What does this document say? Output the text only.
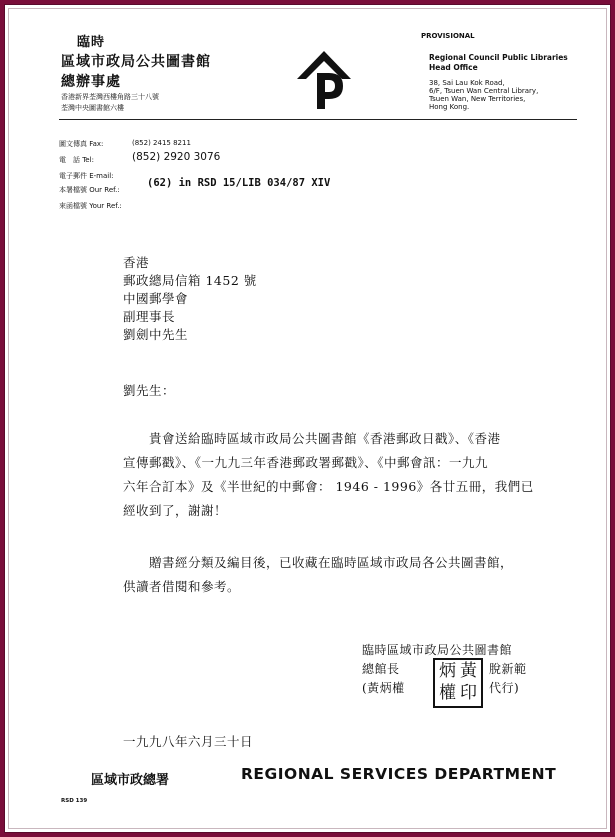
臨時
區域市政局公共圖書館
總辦事處
香港新界荃灣西樓角路三十八號
荃灣中央圖書館六樓
PROVISIONAL
Regional Council Public Libraries
Head Office
38, Sai Lau Kok Road,
6/F, Tsuen Wan Central Library,
Tsuen Wan, New Territories,
Hong Kong.
圖文傳真 Fax:	(852) 2415 8211
電　話 Tel:	(852) 2920 3076
電子郵件 E-mail:
本署檔號 Our Ref.:
(62) in RSD 15/LIB 034/87 XIV
來函檔號 Your Ref.:
香港
郵政總局信箱 1452 號
中國郵學會
副理事長
劉劍中先生
劉先生：
貴會送給臨時區域市政局公共圖書館《香港郵政日戳》、《香港
宣傳郵戳》、《一九九三年香港郵政署郵戳》、《中郵會訊：一九九
六年合訂本》及《半世紀的中郵會： 1946 - 1996》各廿五冊，我們已
經收到了，謝謝！
贈書經分類及編目後，已收藏在臨時區域市政局各公共圖書館，
供讀者借閱和參考。
臨時區域市政局公共圖書館
總館長	脫新範
(黃炳權	代行)
炳 黃
權 印
一九九八年六月三十日
區域市政總署	REGIONAL SERVICES DEPARTMENT
RSD 139
